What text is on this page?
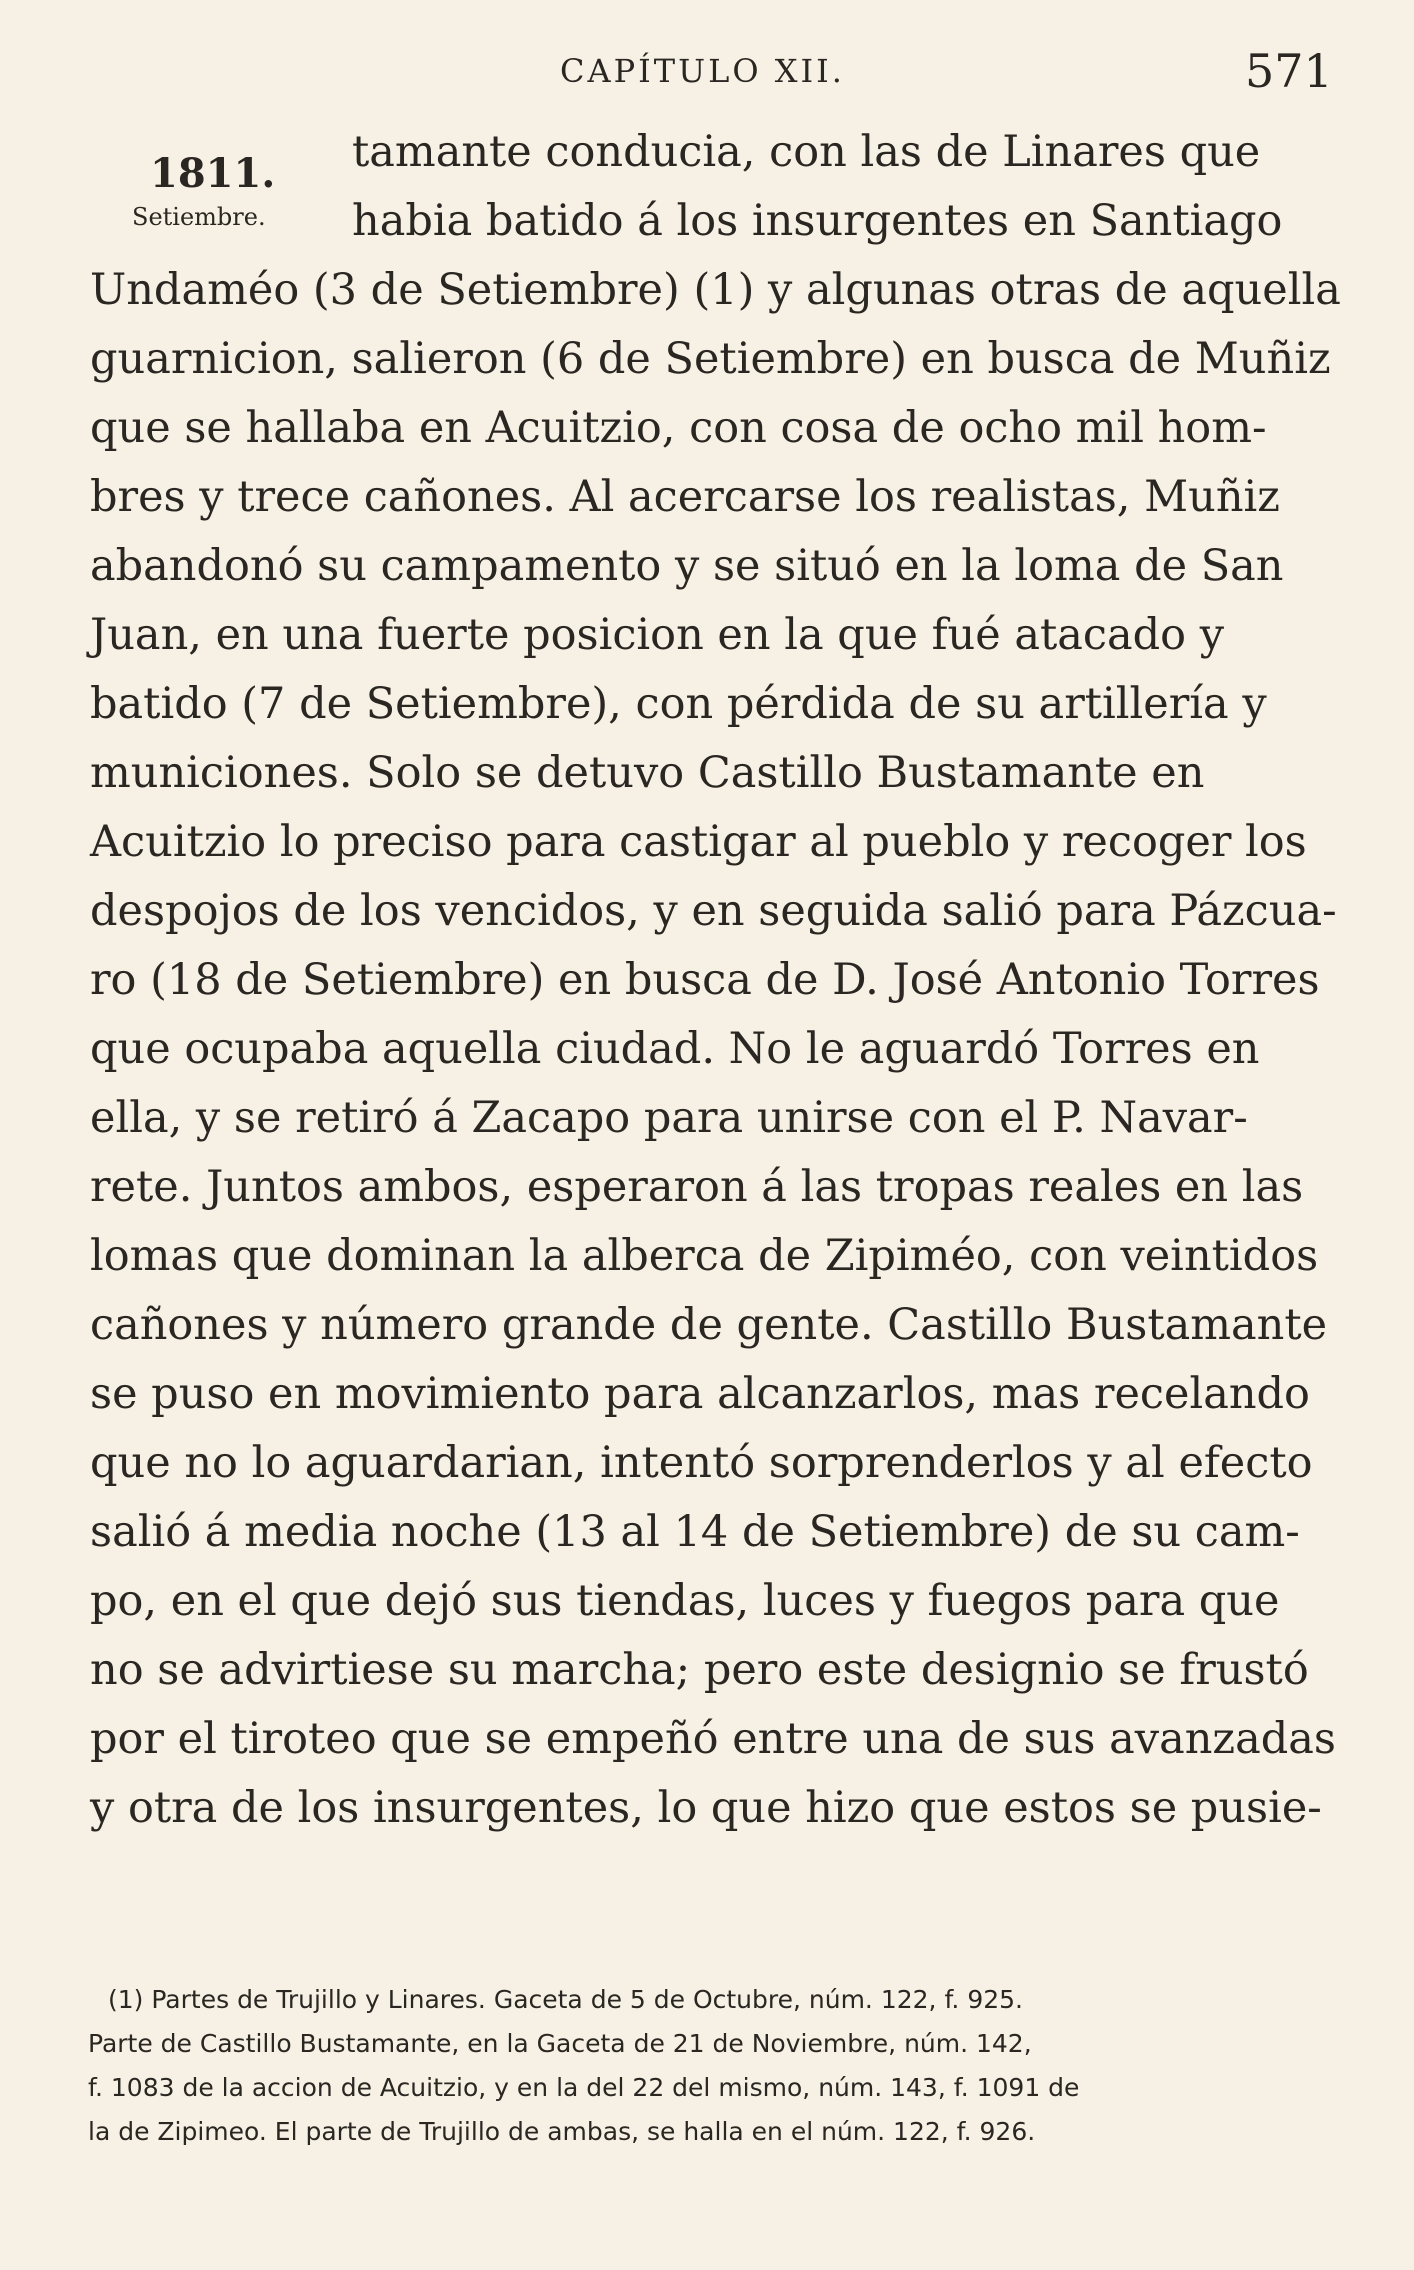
CAPÍTULO XII.	571
1811.
Setiembre.
tamante conducia, con las de Linares que
habia batido á los insurgentes en Santiago
Undaméo (3 de Setiembre) (1) y algunas otras de aquella
guarnicion, salieron (6 de Setiembre) en busca de Muñiz
que se hallaba en Acuitzio, con cosa de ocho mil hom-
bres y trece cañones. Al acercarse los realistas, Muñiz
abandonó su campamento y se situó en la loma de San
Juan, en una fuerte posicion en la que fué atacado y
batido (7 de Setiembre), con pérdida de su artillería y
municiones. Solo se detuvo Castillo Bustamante en
Acuitzio lo preciso para castigar al pueblo y recoger los
despojos de los vencidos, y en seguida salió para Pázcua-
ro (18 de Setiembre) en busca de D. José Antonio Torres
que ocupaba aquella ciudad. No le aguardó Torres en
ella, y se retiró á Zacapo para unirse con el P. Navar-
rete. Juntos ambos, esperaron á las tropas reales en las
lomas que dominan la alberca de Zipiméo, con veintidos
cañones y número grande de gente. Castillo Bustamante
se puso en movimiento para alcanzarlos, mas recelando
que no lo aguardarian, intentó sorprenderlos y al efecto
salió á media noche (13 al 14 de Setiembre) de su cam-
po, en el que dejó sus tiendas, luces y fuegos para que
no se advirtiese su marcha; pero este designio se frustó
por el tiroteo que se empeñó entre una de sus avanzadas
y otra de los insurgentes, lo que hizo que estos se pusie-
(1) Partes de Trujillo y Linares. Gaceta de 5 de Octubre, núm. 122, f. 925.
Parte de Castillo Bustamante, en la Gaceta de 21 de Noviembre, núm. 142,
f. 1083 de la accion de Acuitzio, y en la del 22 del mismo, núm. 143, f. 1091 de
la de Zipimeo. El parte de Trujillo de ambas, se halla en el núm. 122, f. 926.
